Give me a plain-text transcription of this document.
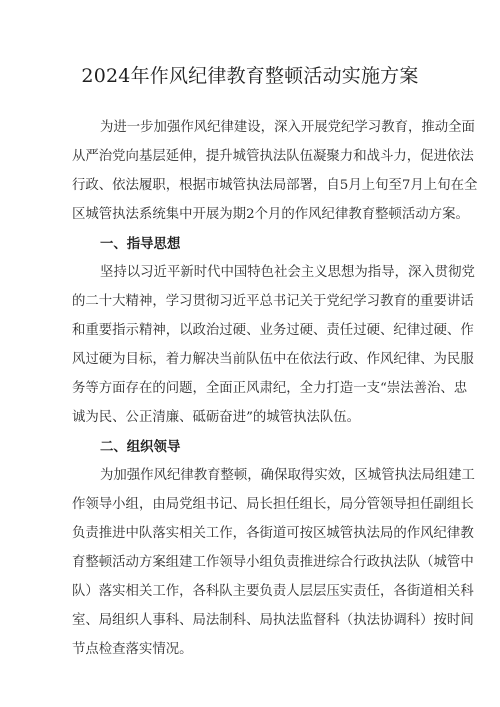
2024年作风纪律教育整顿活动实施方案
为进一步加强作风纪律建设，深入开展党纪学习教育，推动全面
从严治党向基层延伸，提升城管执法队伍凝聚力和战斗力，促进依法
行政、依法履职，根据市城管执法局部署，自5月上旬至7月上旬在全
区城管执法系统集中开展为期2个月的作风纪律教育整顿活动方案。
一、指导思想
坚持以习近平新时代中国特色社会主义思想为指导，深入贯彻党
的二十大精神，学习贯彻习近平总书记关于党纪学习教育的重要讲话
和重要指示精神，以政治过硬、业务过硬、责任过硬、纪律过硬、作
风过硬为目标，着力解决当前队伍中在依法行政、作风纪律、为民服
务等方面存在的问题，全面正风肃纪，全力打造一支“崇法善治、忠
诚为民、公正清廉、砥砺奋进”的城管执法队伍。
二、组织领导
为加强作风纪律教育整顿，确保取得实效，区城管执法局组建工
作领导小组，由局党组书记、局长担任组长，局分管领导担任副组长
负责推进中队落实相关工作，各街道可按区城管执法局的作风纪律教
育整顿活动方案组建工作领导小组负责推进综合行政执法队（城管中
队）落实相关工作，各科队主要负责人层层压实责任，各街道相关科
室、局组织人事科、局法制科、局执法监督科（执法协调科）按时间
节点检查落实情况。
